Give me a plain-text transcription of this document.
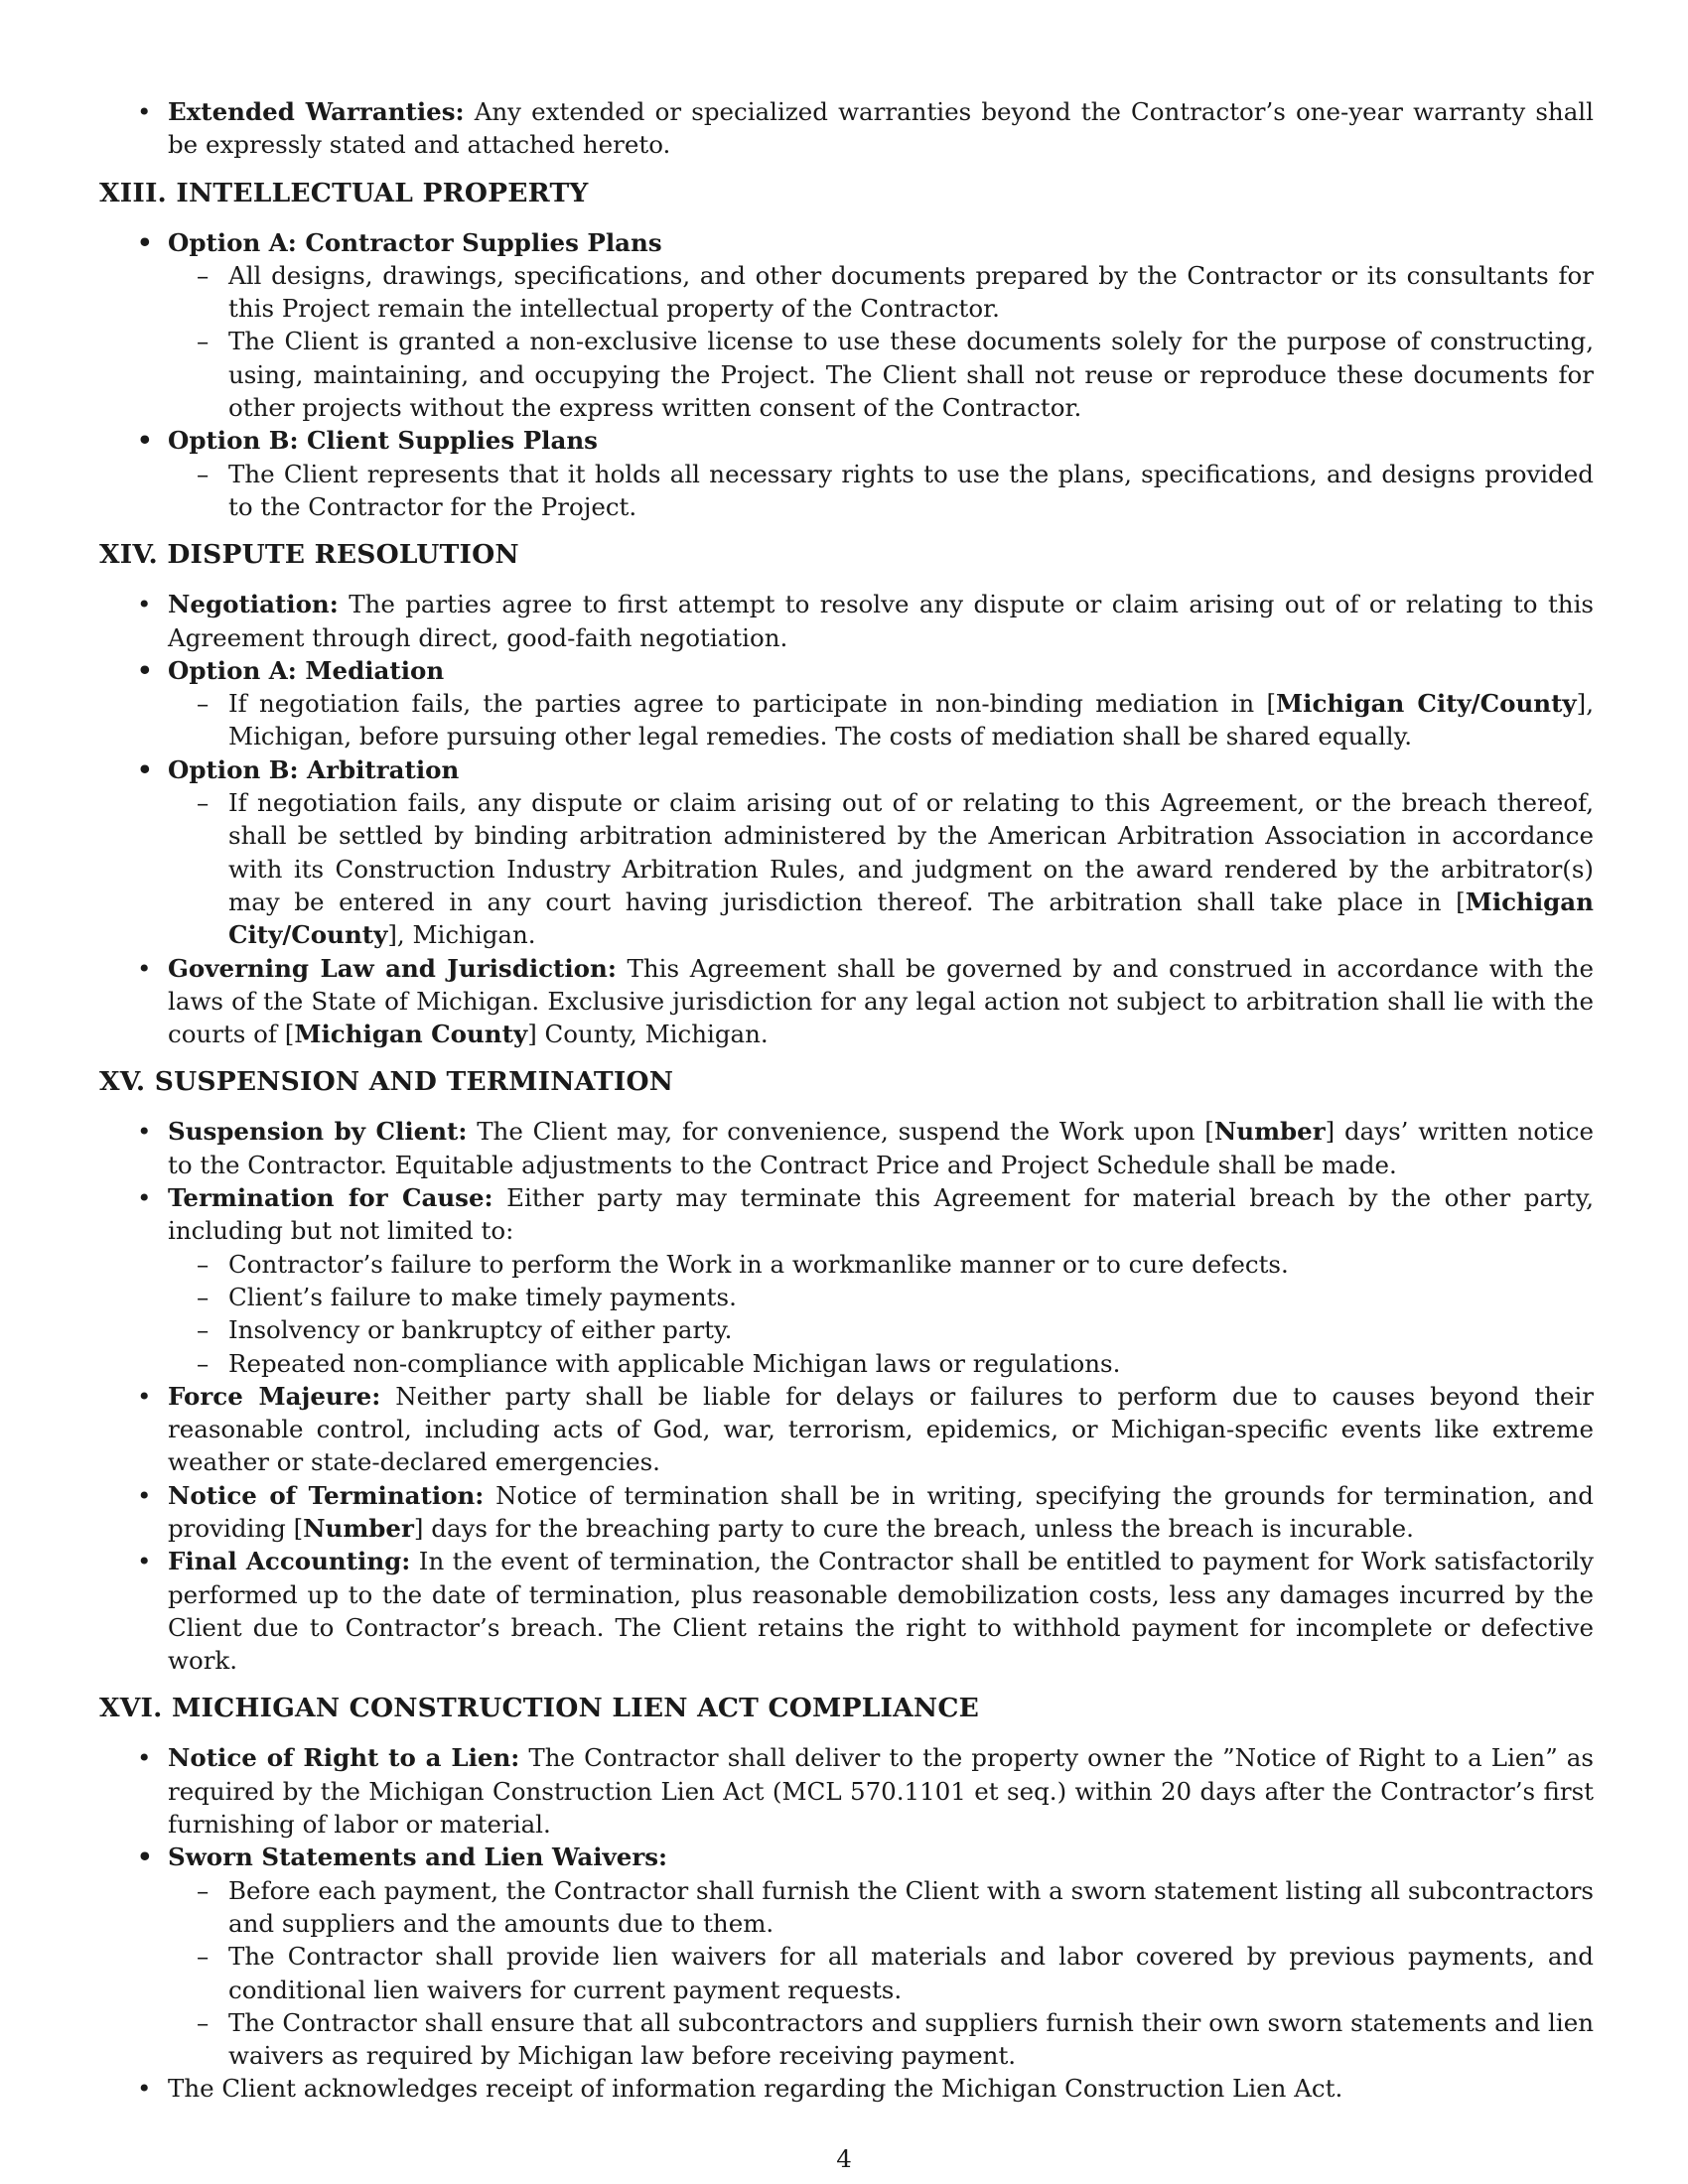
• Extended Warranties: Any extended or specialized warranties beyond the Contractor’s one-year warranty shall be expressly stated and attached hereto.
XIII. INTELLECTUAL PROPERTY
• Option A: Contractor Supplies Plans
– All designs, drawings, specifications, and other documents prepared by the Contractor or its consultants for this Project remain the intellectual property of the Contractor.
– The Client is granted a non-exclusive license to use these documents solely for the purpose of constructing, using, maintaining, and occupying the Project. The Client shall not reuse or reproduce these documents for other projects without the express written consent of the Contractor.
• Option B: Client Supplies Plans
– The Client represents that it holds all necessary rights to use the plans, specifications, and designs provided to the Contractor for the Project.
XIV. DISPUTE RESOLUTION
• Negotiation: The parties agree to first attempt to resolve any dispute or claim arising out of or relating to this Agreement through direct, good-faith negotiation.
• Option A: Mediation
– If negotiation fails, the parties agree to participate in non-binding mediation in [Michigan City/County], Michigan, before pursuing other legal remedies. The costs of mediation shall be shared equally.
• Option B: Arbitration
– If negotiation fails, any dispute or claim arising out of or relating to this Agreement, or the breach thereof, shall be settled by binding arbitration administered by the American Arbitration Association in accordance with its Construction Industry Arbitration Rules, and judgment on the award rendered by the arbitrator(s) may be entered in any court having jurisdiction thereof. The arbitration shall take place in [Michigan City/County], Michigan.
• Governing Law and Jurisdiction: This Agreement shall be governed by and construed in accordance with the laws of the State of Michigan. Exclusive jurisdiction for any legal action not subject to arbitration shall lie with the courts of [Michigan County] County, Michigan.
XV. SUSPENSION AND TERMINATION
• Suspension by Client: The Client may, for convenience, suspend the Work upon [Number] days’ written notice to the Contractor. Equitable adjustments to the Contract Price and Project Schedule shall be made.
• Termination for Cause: Either party may terminate this Agreement for material breach by the other party, including but not limited to:
– Contractor’s failure to perform the Work in a workmanlike manner or to cure defects.
– Client’s failure to make timely payments.
– Insolvency or bankruptcy of either party.
– Repeated non-compliance with applicable Michigan laws or regulations.
• Force Majeure: Neither party shall be liable for delays or failures to perform due to causes beyond their reasonable control, including acts of God, war, terrorism, epidemics, or Michigan-specific events like extreme weather or state-declared emergencies.
• Notice of Termination: Notice of termination shall be in writing, specifying the grounds for termination, and providing [Number] days for the breaching party to cure the breach, unless the breach is incurable.
• Final Accounting: In the event of termination, the Contractor shall be entitled to payment for Work satisfactorily performed up to the date of termination, plus reasonable demobilization costs, less any damages incurred by the Client due to Contractor’s breach. The Client retains the right to withhold payment for incomplete or defective work.
XVI. MICHIGAN CONSTRUCTION LIEN ACT COMPLIANCE
• Notice of Right to a Lien: The Contractor shall deliver to the property owner the ”Notice of Right to a Lien” as required by the Michigan Construction Lien Act (MCL 570.1101 et seq.) within 20 days after the Contractor’s first furnishing of labor or material.
• Sworn Statements and Lien Waivers:
– Before each payment, the Contractor shall furnish the Client with a sworn statement listing all subcontractors and suppliers and the amounts due to them.
– The Contractor shall provide lien waivers for all materials and labor covered by previous payments, and conditional lien waivers for current payment requests.
– The Contractor shall ensure that all subcontractors and suppliers furnish their own sworn statements and lien waivers as required by Michigan law before receiving payment.
• The Client acknowledges receipt of information regarding the Michigan Construction Lien Act.
4
